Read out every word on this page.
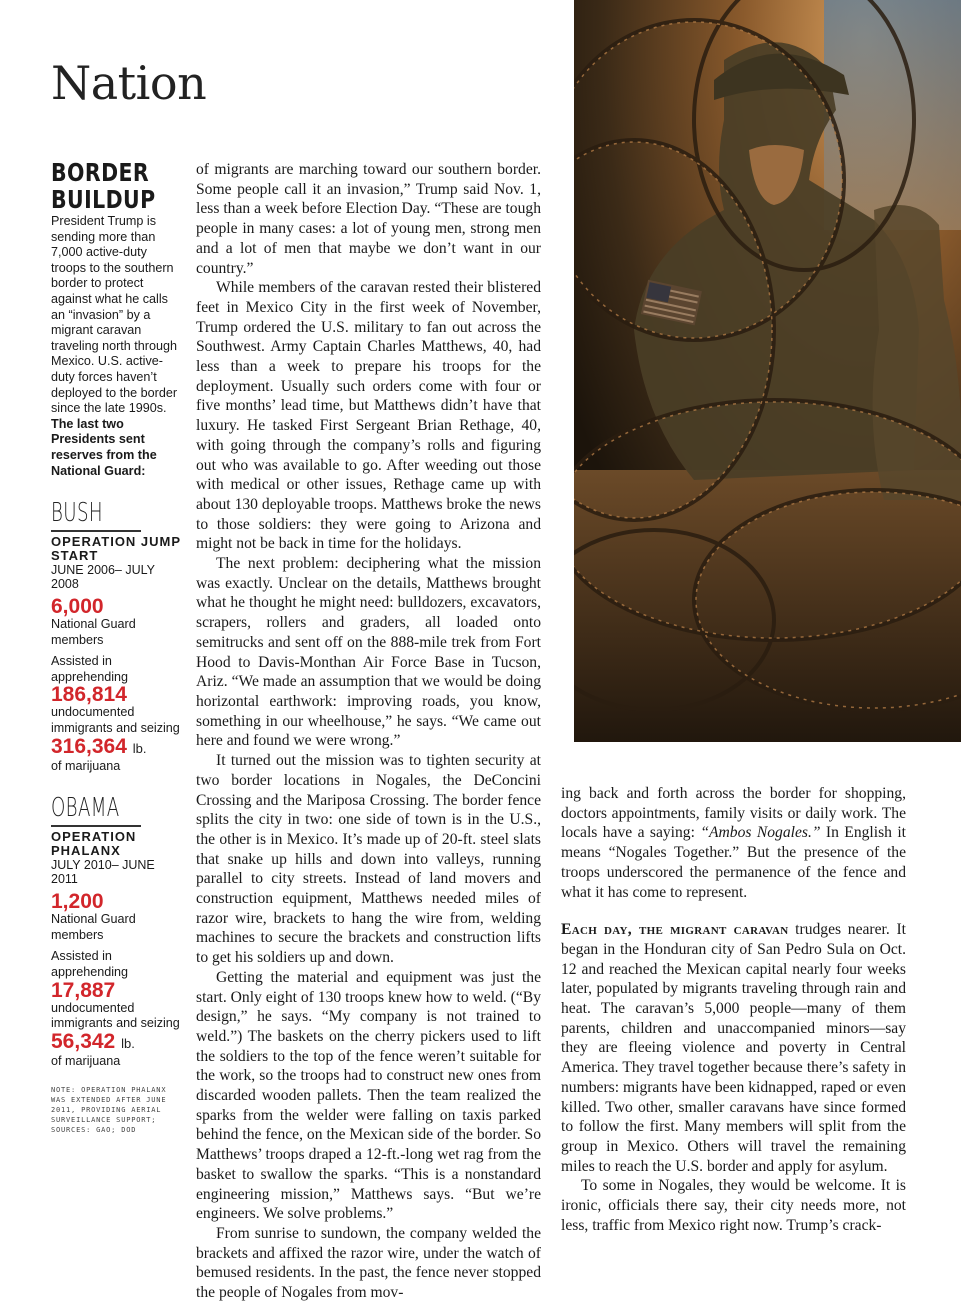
Nation
BORDER
BUILDUP

President Trump is sending more than 7,000 active-duty troops to the southern border to protect against what he calls an “invasion” by a migrant caravan traveling north through Mexico. U.S. active-duty forces haven’t deployed to the border since the late 1990s.

The last two Presidents sent reserves from the National Guard:

BUSH

OPERATION JUMP START

JUNE 2006– JULY 2008

6,000

National Guard members

Assisted in apprehending

186,814

undocumented immigrants and seizing

316,364 lb.

of marijuana

OBAMA

OPERATION PHALANX

JULY 2010– JUNE 2011

1,200

National Guard members

Assisted in apprehending

17,887

undocumented immigrants and seizing

56,342 lb.

of marijuana

NOTE: OPERATION PHALANX WAS EXTENDED AFTER JUNE 2011, PROVIDING AERIAL SURVEILLANCE SUPPORT; SOURCES: GAO; DOD

of migrants are marching toward our southern border. Some people call it an invasion,” Trump said Nov. 1, less than a week before Election Day. “These are tough people in many cases: a lot of young men, strong men and a lot of men that maybe we don’t want in our country.”

While members of the caravan rested their blistered feet in Mexico City in the first week of November, Trump ordered the U.S. military to fan out across the Southwest. Army Captain Charles Matthews, 40, had less than a week to prepare his troops for the deployment. Usually such orders come with four or five months’ lead time, but Matthews didn’t have that luxury. He tasked First Sergeant Brian Rethage, 40, with going through the company’s rolls and figuring out who was available to go. After weeding out those with medical or other issues, Rethage came up with about 130 deployable troops. Matthews broke the news to those soldiers: they were going to Arizona and might not be back in time for the holidays.

The next problem: deciphering what the mission was exactly. Unclear on the details, Matthews brought what he thought he might need: bulldozers, excavators, scrapers, rollers and graders, all loaded onto semitrucks and sent off on the 888-mile trek from Fort Hood to Davis-Monthan Air Force Base in Tucson, Ariz. “We made an assumption that we would be doing horizontal earthwork: improving roads, you know, something in our wheelhouse,” he says. “We came out here and found we were wrong.”

It turned out the mission was to tighten security at two border locations in Nogales, the DeConcini Crossing and the Mariposa Crossing. The border fence splits the city in two: one side of town is in the U.S., the other is in Mexico. It’s made up of 20-ft. steel slats that snake up hills and down into valleys, running parallel to city streets. Instead of land movers and construction equipment, Matthews needed miles of razor wire, brackets to hang the wire from, welding machines to secure the brackets and construction lifts to get his soldiers up and down.

Getting the material and equipment was just the start. Only eight of 130 troops knew how to weld. (“By design,” he says. “My company is not trained to weld.”) The baskets on the cherry pickers used to lift the soldiers to the top of the fence weren’t suitable for the work, so the troops had to construct new ones from discarded wooden pallets. Then the team realized the sparks from the welder were falling on taxis parked behind the fence, on the Mexican side of the border. So Matthews’ troops draped a 12-ft.-long wet rag from the basket to swallow the sparks. “This is a nonstandard engineering mission,” Matthews says. “But we’re engineers. We solve problems.”

From sunrise to sundown, the company welded the brackets and affixed the razor wire, under the watch of bemused residents. In the past, the fence never stopped the people of Nogales from mov-

ing back and forth across the border for shopping, doctors appointments, family visits or daily work. The locals have a saying: “Ambos Nogales.” In English it means “Nogales Together.” But the presence of the troops underscored the permanence of the fence and what it has come to represent.

Each day, the migrant caravan trudges nearer. It began in the Honduran city of San Pedro Sula on Oct. 12 and reached the Mexican capital nearly four weeks later, populated by migrants traveling through rain and heat. The caravan’s 5,000 people—many of them parents, children and unaccompanied minors—say they are fleeing violence and poverty in Central America. They travel together because there’s safety in numbers: migrants have been kidnapped, raped or even killed. Two other, smaller caravans have since formed to follow the first. Many members will split from the group in Mexico. Others will travel the remaining miles to reach the U.S. border and apply for asylum.

To some in Nogales, they would be welcome. It is ironic, officials there say, their city needs more, not less, traffic from Mexico right now. Trump’s crack-
